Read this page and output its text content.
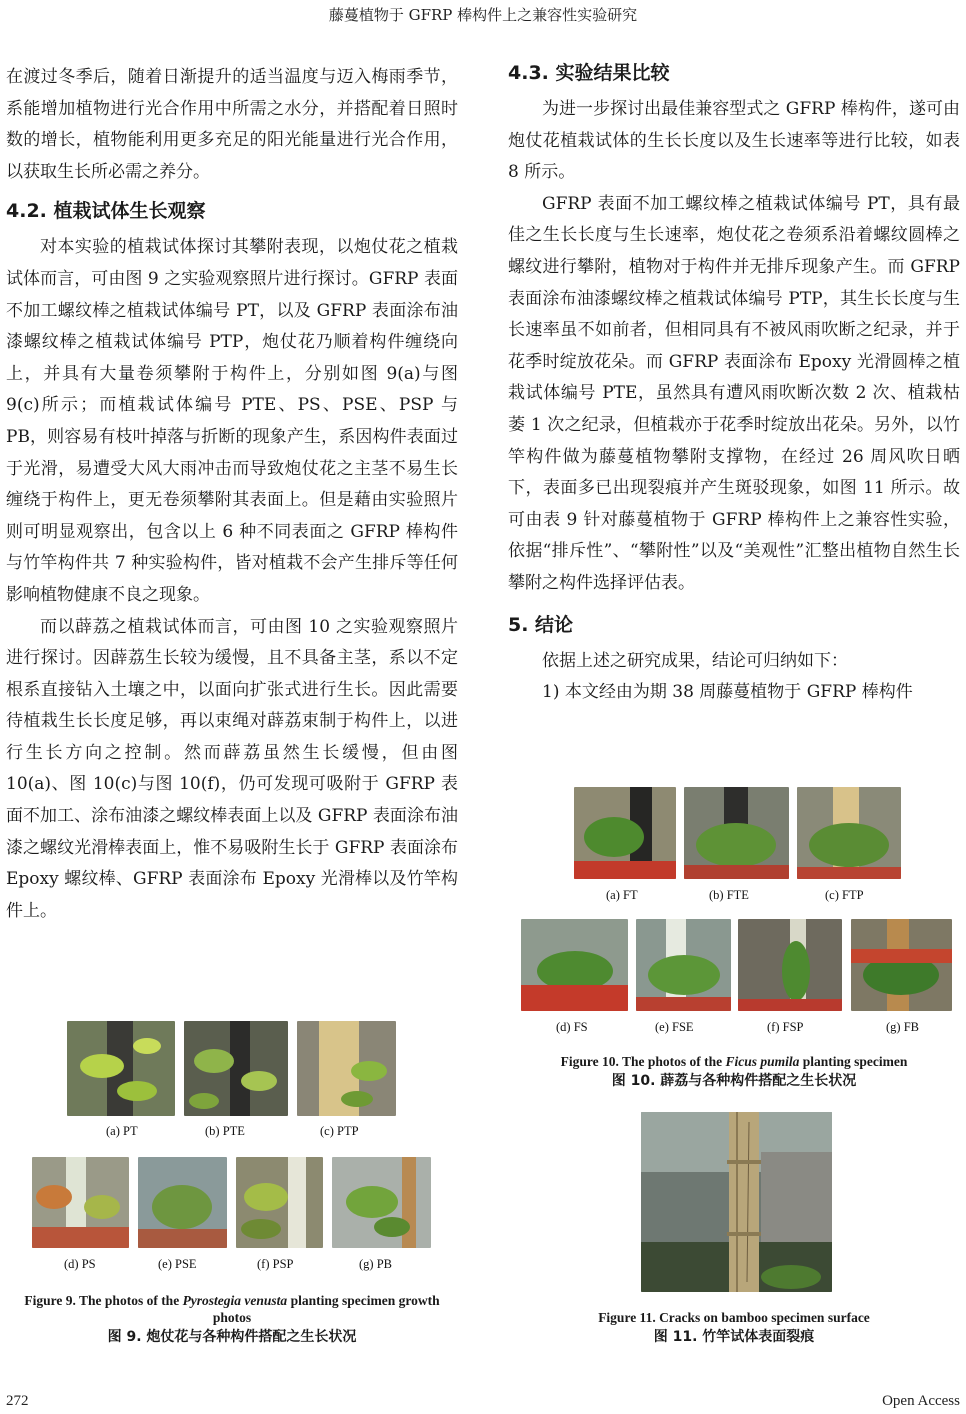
藤蔓植物于 GFRP 棒构件上之兼容性实验研究

在渡过冬季后，随着日渐提升的适当温度与迈入梅雨季节，系能增加植物进行光合作用中所需之水分，并搭配着日照时数的增长，植物能利用更多充足的阳光能量进行光合作用，以获取生长所必需之养分。

4.2. 植栽试体生长观察

对本实验的植栽试体探讨其攀附表现，以炮仗花之植栽试体而言，可由图 9 之实验观察照片进行探讨。GFRP 表面不加工螺纹棒之植栽试体编号 PT，以及 GFRP 表面涂布油漆螺纹棒之植栽试体编号 PTP，炮仗花乃顺着构件缠绕向上，并具有大量卷须攀附于构件上，分别如图 9(a)与图 9(c)所示；而植栽试体编号 PTE、PS、PSE、PSP 与 PB，则容易有枝叶掉落与折断的现象产生，系因构件表面过于光滑，易遭受大风大雨冲击而导致炮仗花之主茎不易生长缠绕于构件上，更无卷须攀附其表面上。但是藉由实验照片则可明显观察出，包含以上 6 种不同表面之 GFRP 棒构件与竹竿构件共 7 种实验构件，皆对植栽不会产生排斥等任何影响植物健康不良之现象。

而以薜荔之植栽试体而言，可由图 10 之实验观察照片进行探讨。因薜荔生长较为缓慢，且不具备主茎，系以不定根系直接钻入土壤之中，以面向扩张式进行生长。因此需要待植栽生长长度足够，再以束绳对薜荔束制于构件上，以进行生长方向之控制。然而薜荔虽然生长缓慢，但由图 10(a)、图 10(c)与图 10(f)，仍可发现可吸附于 GFRP 表面不加工、涂布油漆之螺纹棒表面上以及 GFRP 表面涂布油漆之螺纹光滑棒表面上，惟不易吸附生长于 GFRP 表面涂布 Epoxy 螺纹棒、GFRP 表面涂布 Epoxy 光滑棒以及竹竿构件上。

4.3. 实验结果比较

为进一步探讨出最佳兼容型式之 GFRP 棒构件，遂可由炮仗花植栽试体的生长长度以及生长速率等进行比较，如表 8 所示。

GFRP 表面不加工螺纹棒之植栽试体编号 PT，具有最佳之生长长度与生长速率，炮仗花之卷须系沿着螺纹圆棒之螺纹进行攀附，植物对于构件并无排斥现象产生。而 GFRP 表面涂布油漆螺纹棒之植栽试体编号 PTP，其生长长度与生长速率虽不如前者，但相同具有不被风雨吹断之纪录，并于花季时绽放花朵。而 GFRP 表面涂布 Epoxy 光滑圆棒之植栽试体编号 PTE，虽然具有遭风雨吹断次数 2 次、植栽枯萎 1 次之纪录，但植栽亦于花季时绽放出花朵。另外，以竹竿构件做为藤蔓植物攀附支撑物，在经过 26 周风吹日晒下，表面多已出现裂痕并产生斑驳现象，如图 11 所示。故可由表 9 针对藤蔓植物于 GFRP 棒构件上之兼容性实验，依据“排斥性”、“攀附性”以及“美观性”汇整出植物自然生长攀附之构件选择评估表。

5. 结论

依据上述之研究成果，结论可归纳如下：

1) 本文经由为期 38 周藤蔓植物于 GFRP 棒构件

(a) PT	(b) PTE	(c) PTP
(d) PS	(e) PSE	(f) PSP	(g) PB
Figure 9. The photos of the Pyrostegia venusta planting specimen growth photos
图 9. 炮仗花与各种构件搭配之生长状况
(a) FT	(b) FTE	(c) FTP
(d) FS	(e) FSE	(f) FSP	(g) FB
Figure 10. The photos of the Ficus pumila planting specimen
图 10. 薜荔与各种构件搭配之生长状况
Figure 11. Cracks on bamboo specimen surface
图 11. 竹竿试体表面裂痕
272	Open Access
